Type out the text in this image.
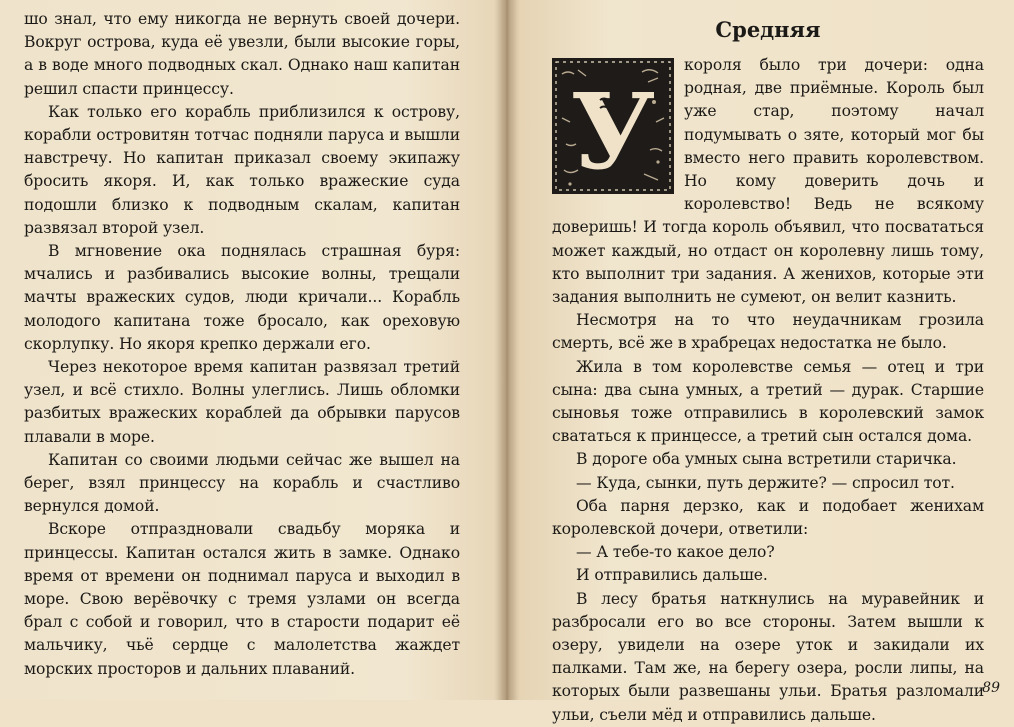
шо знал, что ему никогда не вернуть своей дочери. Вокруг острова, куда её увезли, были высокие горы, а в воде много подводных скал. Однако наш капитан решил спасти принцессу.

Как только его корабль приблизился к острову, корабли островитян тотчас подняли паруса и вышли навстречу. Но капитан приказал своему экипажу бросить якоря. И, как только вражеские суда подошли близко к подводным скалам, капитан развязал второй узел.

В мгновение ока поднялась страшная буря: мчались и разбивались высокие волны, трещали мачты вражеских судов, люди кричали... Корабль молодого капитана тоже бросало, как ореховую скорлупку. Но якоря крепко держали его.

Через некоторое время капитан развязал третий узел, и всё стихло. Волны улеглись. Лишь обломки разбитых вражеских кораблей да обрывки парусов плавали в море.

Капитан со своими людьми сейчас же вышел на берег, взял принцессу на корабль и счастливо вернулся домой.

Вскоре отпраздновали свадьбу моряка и принцессы. Капитан остался жить в замке. Однако время от времени он поднимал паруса и выходил в море. Свою верёвочку с тремя узлами он всегда брал с собой и говорил, что в старости подарит её мальчику, чьё сердце с малолетства жаждет морских просторов и дальних плаваний.

Средняя
У

короля было три дочери: одна родная, две приёмные. Король был уже стар, поэтому начал подумывать о зяте, который мог бы вместо него править королевством. Но кому доверить дочь и королевство! Ведь не всякому доверишь! И тогда король объявил, что посвататься может каждый, но отдаст он королевну лишь тому, кто выполнит три задания. А женихов, которые эти задания выполнить не сумеют, он велит казнить.

Несмотря на то что неудачникам грозила смерть, всё же в храбрецах недостатка не было.

Жила в том королевстве семья — отец и три сына: два сына умных, а третий — дурак. Старшие сыновья тоже отправились в королевский замок свататься к принцессе, а третий сын остался дома.

В дороге оба умных сына встретили старичка.

— Куда, сынки, путь держите? — спросил тот.

Оба парня дерзко, как и подобает женихам королевской дочери, ответили:

— А тебе-то какое дело?

И отправились дальше.

В лесу братья наткнулись на муравейник и разбросали его во все стороны. Затем вышли к озеру, увидели на озере уток и закидали их палками. Там же, на берегу озера, росли липы, на которых были развешаны ульи. Братья разломали ульи, съели мёд и отправились дальше.

89
